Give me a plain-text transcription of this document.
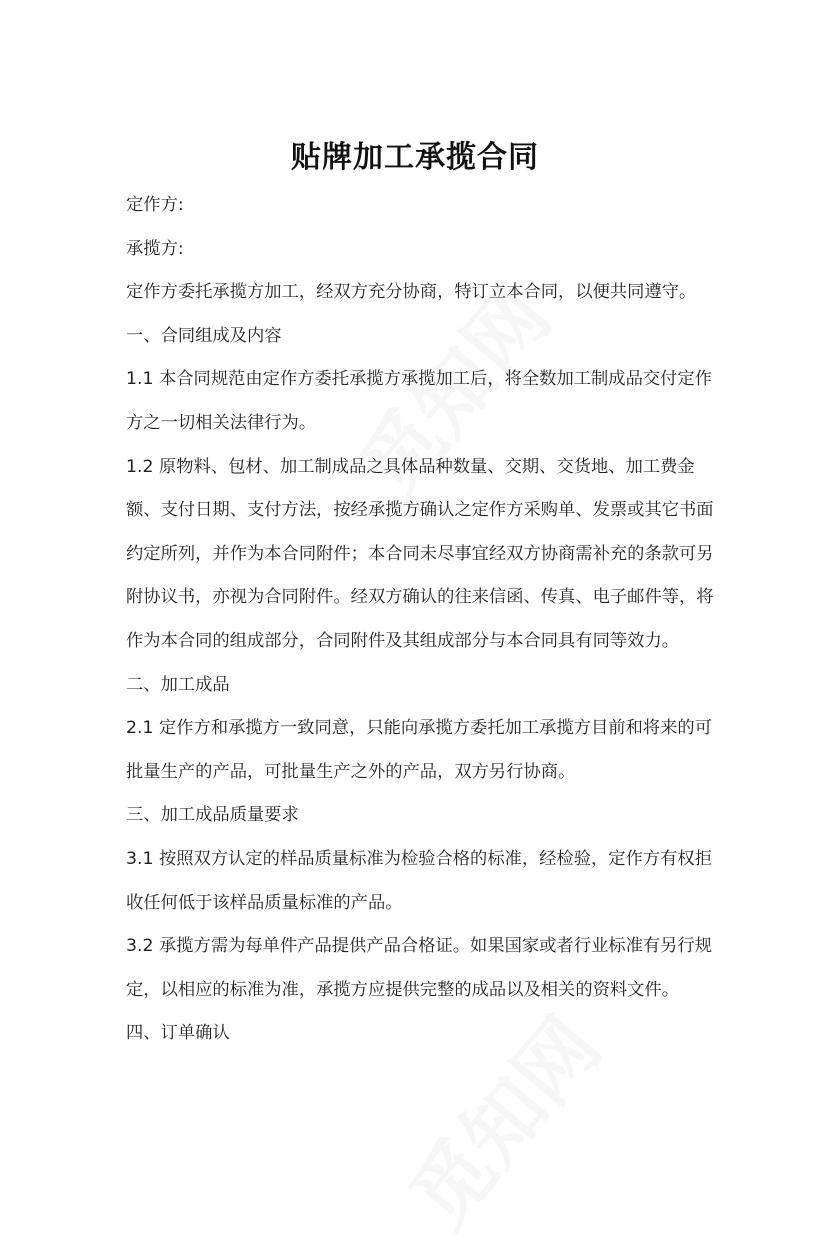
贴牌加工承揽合同
定作方:
承揽方:
定作方委托承揽方加工，经双方充分协商，特订立本合同，以便共同遵守。
一、合同组成及内容
1.1 本合同规范由定作方委托承揽方承揽加工后，将全数加工制成品交付定作
方之一切相关法律行为。
1.2 原物料、包材、加工制成品之具体品种数量、交期、交货地、加工费金
额、支付日期、支付方法，按经承揽方确认之定作方采购单、发票或其它书面
约定所列，并作为本合同附件；本合同未尽事宜经双方协商需补充的条款可另
附协议书，亦视为合同附件。经双方确认的往来信函、传真、电子邮件等，将
作为本合同的组成部分，合同附件及其组成部分与本合同具有同等效力。
二、加工成品
2.1 定作方和承揽方一致同意，只能向承揽方委托加工承揽方目前和将来的可
批量生产的产品，可批量生产之外的产品，双方另行协商。
三、加工成品质量要求
3.1 按照双方认定的样品质量标准为检验合格的标准，经检验，定作方有权拒
收任何低于该样品质量标准的产品。
3.2 承揽方需为每单件产品提供产品合格证。如果国家或者行业标准有另行规
定，以相应的标准为准，承揽方应提供完整的成品以及相关的资料文件。
四、订单确认
